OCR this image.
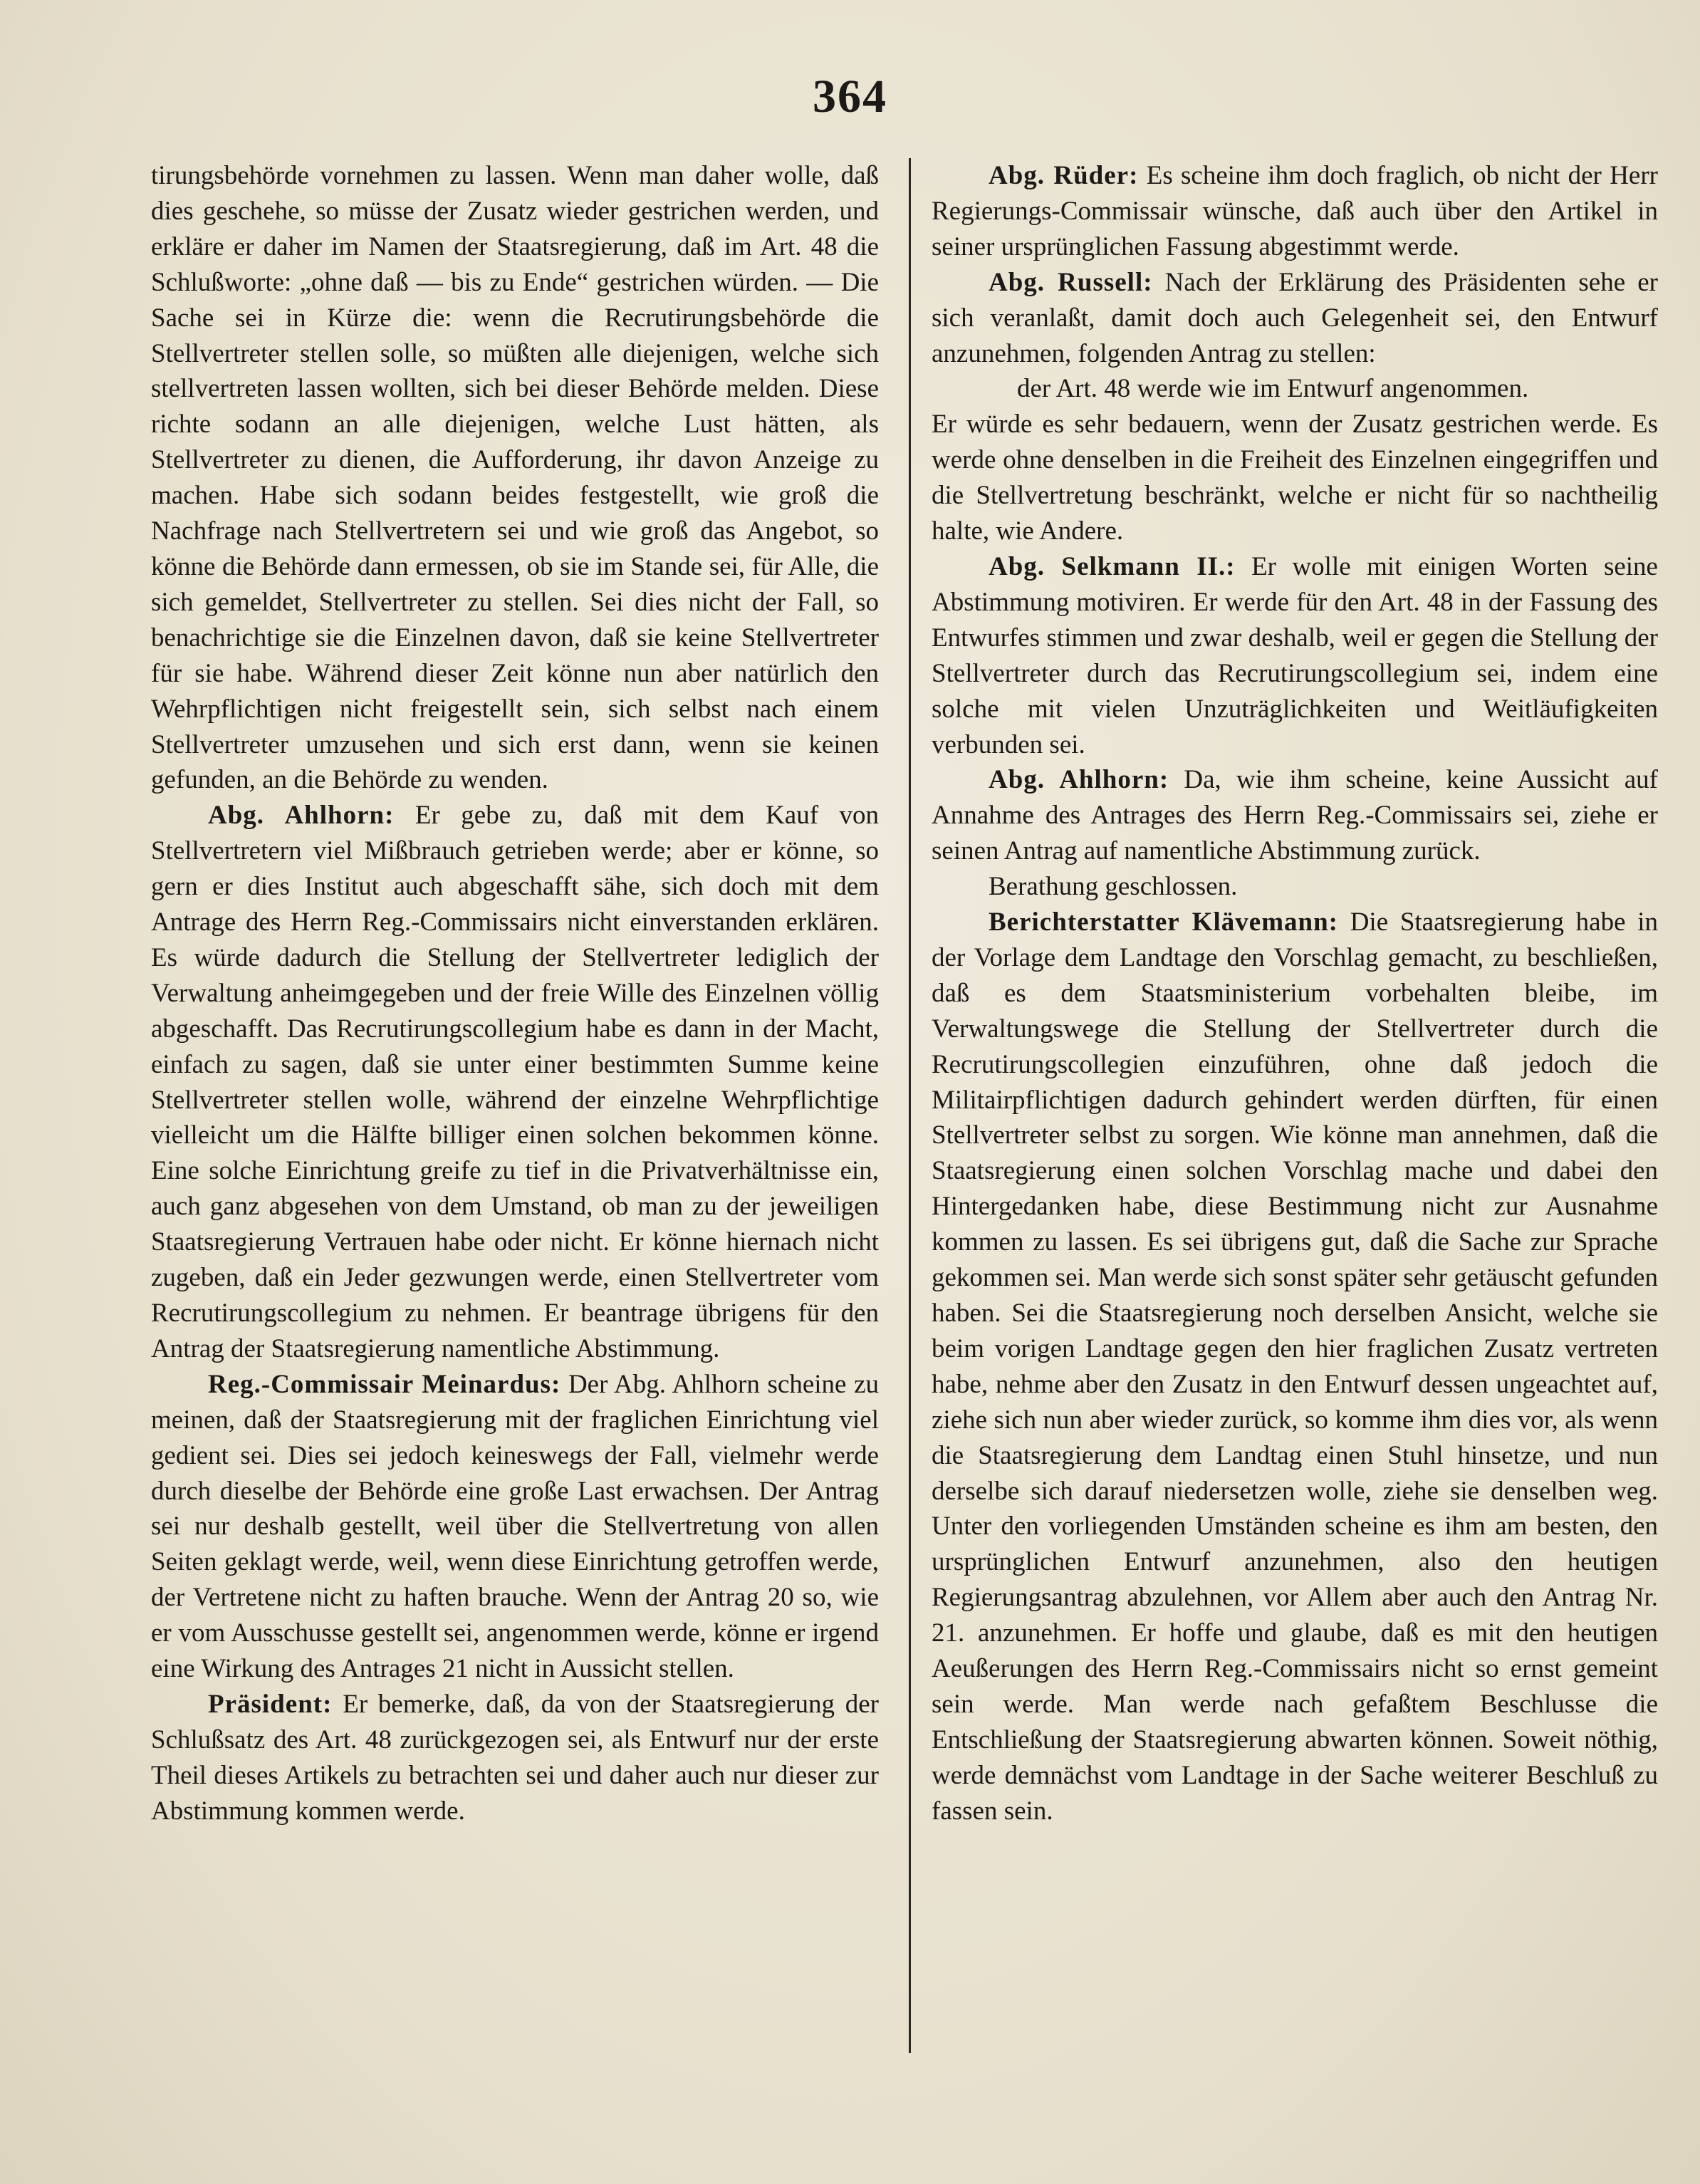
364

tirungsbehörde vornehmen zu lassen. Wenn man daher wolle, daß dies geschehe, so müsse der Zusatz wieder gestrichen werden, und erkläre er daher im Namen der Staatsregierung, daß im Art. 48 die Schlußworte: „ohne daß — bis zu Ende“ gestrichen würden. — Die Sache sei in Kürze die: wenn die Recrutirungsbehörde die Stellvertreter stellen solle, so müßten alle diejenigen, welche sich stellvertreten lassen wollten, sich bei dieser Behörde melden. Diese richte sodann an alle diejenigen, welche Lust hätten, als Stellvertreter zu dienen, die Aufforderung, ihr davon Anzeige zu machen. Habe sich sodann beides festgestellt, wie groß die Nachfrage nach Stellvertretern sei und wie groß das Angebot, so könne die Behörde dann ermessen, ob sie im Stande sei, für Alle, die sich gemeldet, Stellvertreter zu stellen. Sei dies nicht der Fall, so benachrichtige sie die Einzelnen davon, daß sie keine Stellvertreter für sie habe. Während dieser Zeit könne nun aber natürlich den Wehrpflichtigen nicht freigestellt sein, sich selbst nach einem Stellvertreter umzusehen und sich erst dann, wenn sie keinen gefunden, an die Behörde zu wenden.

Abg. Ahlhorn: Er gebe zu, daß mit dem Kauf von Stellvertretern viel Mißbrauch getrieben werde; aber er könne, so gern er dies Institut auch abgeschafft sähe, sich doch mit dem Antrage des Herrn Reg.-Commissairs nicht einverstanden erklären. Es würde dadurch die Stellung der Stellvertreter lediglich der Verwaltung anheimgegeben und der freie Wille des Einzelnen völlig abgeschafft. Das Recrutirungscollegium habe es dann in der Macht, einfach zu sagen, daß sie unter einer bestimmten Summe keine Stellvertreter stellen wolle, während der einzelne Wehrpflichtige vielleicht um die Hälfte billiger einen solchen bekommen könne. Eine solche Einrichtung greife zu tief in die Privatverhältnisse ein, auch ganz abgesehen von dem Umstand, ob man zu der jeweiligen Staatsregierung Vertrauen habe oder nicht. Er könne hiernach nicht zugeben, daß ein Jeder gezwungen werde, einen Stellvertreter vom Recrutirungscollegium zu nehmen. Er beantrage übrigens für den Antrag der Staatsregierung namentliche Abstimmung.

Reg.-Commissair Meinardus: Der Abg. Ahlhorn scheine zu meinen, daß der Staatsregierung mit der fraglichen Einrichtung viel gedient sei. Dies sei jedoch keineswegs der Fall, vielmehr werde durch dieselbe der Behörde eine große Last erwachsen. Der Antrag sei nur deshalb gestellt, weil über die Stellvertretung von allen Seiten geklagt werde, weil, wenn diese Einrichtung getroffen werde, der Vertretene nicht zu haften brauche. Wenn der Antrag 20 so, wie er vom Ausschusse gestellt sei, angenommen werde, könne er irgend eine Wirkung des Antrages 21 nicht in Aussicht stellen.

Präsident: Er bemerke, daß, da von der Staatsregierung der Schlußsatz des Art. 48 zurückgezogen sei, als Entwurf nur der erste Theil dieses Artikels zu betrachten sei und daher auch nur dieser zur Abstimmung kommen werde.

Abg. Rüder: Es scheine ihm doch fraglich, ob nicht der Herr Regierungs-Commissair wünsche, daß auch über den Artikel in seiner ursprünglichen Fassung abgestimmt werde.

Abg. Russell: Nach der Erklärung des Präsidenten sehe er sich veranlaßt, damit doch auch Gelegenheit sei, den Entwurf anzunehmen, folgenden Antrag zu stellen:

der Art. 48 werde wie im Entwurf angenommen.

Er würde es sehr bedauern, wenn der Zusatz gestrichen werde. Es werde ohne denselben in die Freiheit des Einzelnen eingegriffen und die Stellvertretung beschränkt, welche er nicht für so nachtheilig halte, wie Andere.

Abg. Selkmann II.: Er wolle mit einigen Worten seine Abstimmung motiviren. Er werde für den Art. 48 in der Fassung des Entwurfes stimmen und zwar deshalb, weil er gegen die Stellung der Stellvertreter durch das Recrutirungscollegium sei, indem eine solche mit vielen Unzuträglichkeiten und Weitläufigkeiten verbunden sei.

Abg. Ahlhorn: Da, wie ihm scheine, keine Aussicht auf Annahme des Antrages des Herrn Reg.-Commissairs sei, ziehe er seinen Antrag auf namentliche Abstimmung zurück.

Berathung geschlossen.

Berichterstatter Klävemann: Die Staatsregierung habe in der Vorlage dem Landtage den Vorschlag gemacht, zu beschließen, daß es dem Staatsministerium vorbehalten bleibe, im Verwaltungswege die Stellung der Stellvertreter durch die Recrutirungscollegien einzuführen, ohne daß jedoch die Militairpflichtigen dadurch gehindert werden dürften, für einen Stellvertreter selbst zu sorgen. Wie könne man annehmen, daß die Staatsregierung einen solchen Vorschlag mache und dabei den Hintergedanken habe, diese Bestimmung nicht zur Ausnahme kommen zu lassen. Es sei übrigens gut, daß die Sache zur Sprache gekommen sei. Man werde sich sonst später sehr getäuscht gefunden haben. Sei die Staatsregierung noch derselben Ansicht, welche sie beim vorigen Landtage gegen den hier fraglichen Zusatz vertreten habe, nehme aber den Zusatz in den Entwurf dessen ungeachtet auf, ziehe sich nun aber wieder zurück, so komme ihm dies vor, als wenn die Staatsregierung dem Landtag einen Stuhl hinsetze, und nun derselbe sich darauf niedersetzen wolle, ziehe sie denselben weg. Unter den vorliegenden Umständen scheine es ihm am besten, den ursprünglichen Entwurf anzunehmen, also den heutigen Regierungsantrag abzulehnen, vor Allem aber auch den Antrag Nr. 21. anzunehmen. Er hoffe und glaube, daß es mit den heutigen Aeußerungen des Herrn Reg.-Commissairs nicht so ernst gemeint sein werde. Man werde nach gefaßtem Beschlusse die Entschließung der Staatsregierung abwarten können. Soweit nöthig, werde demnächst vom Landtage in der Sache weiterer Beschluß zu fassen sein.
